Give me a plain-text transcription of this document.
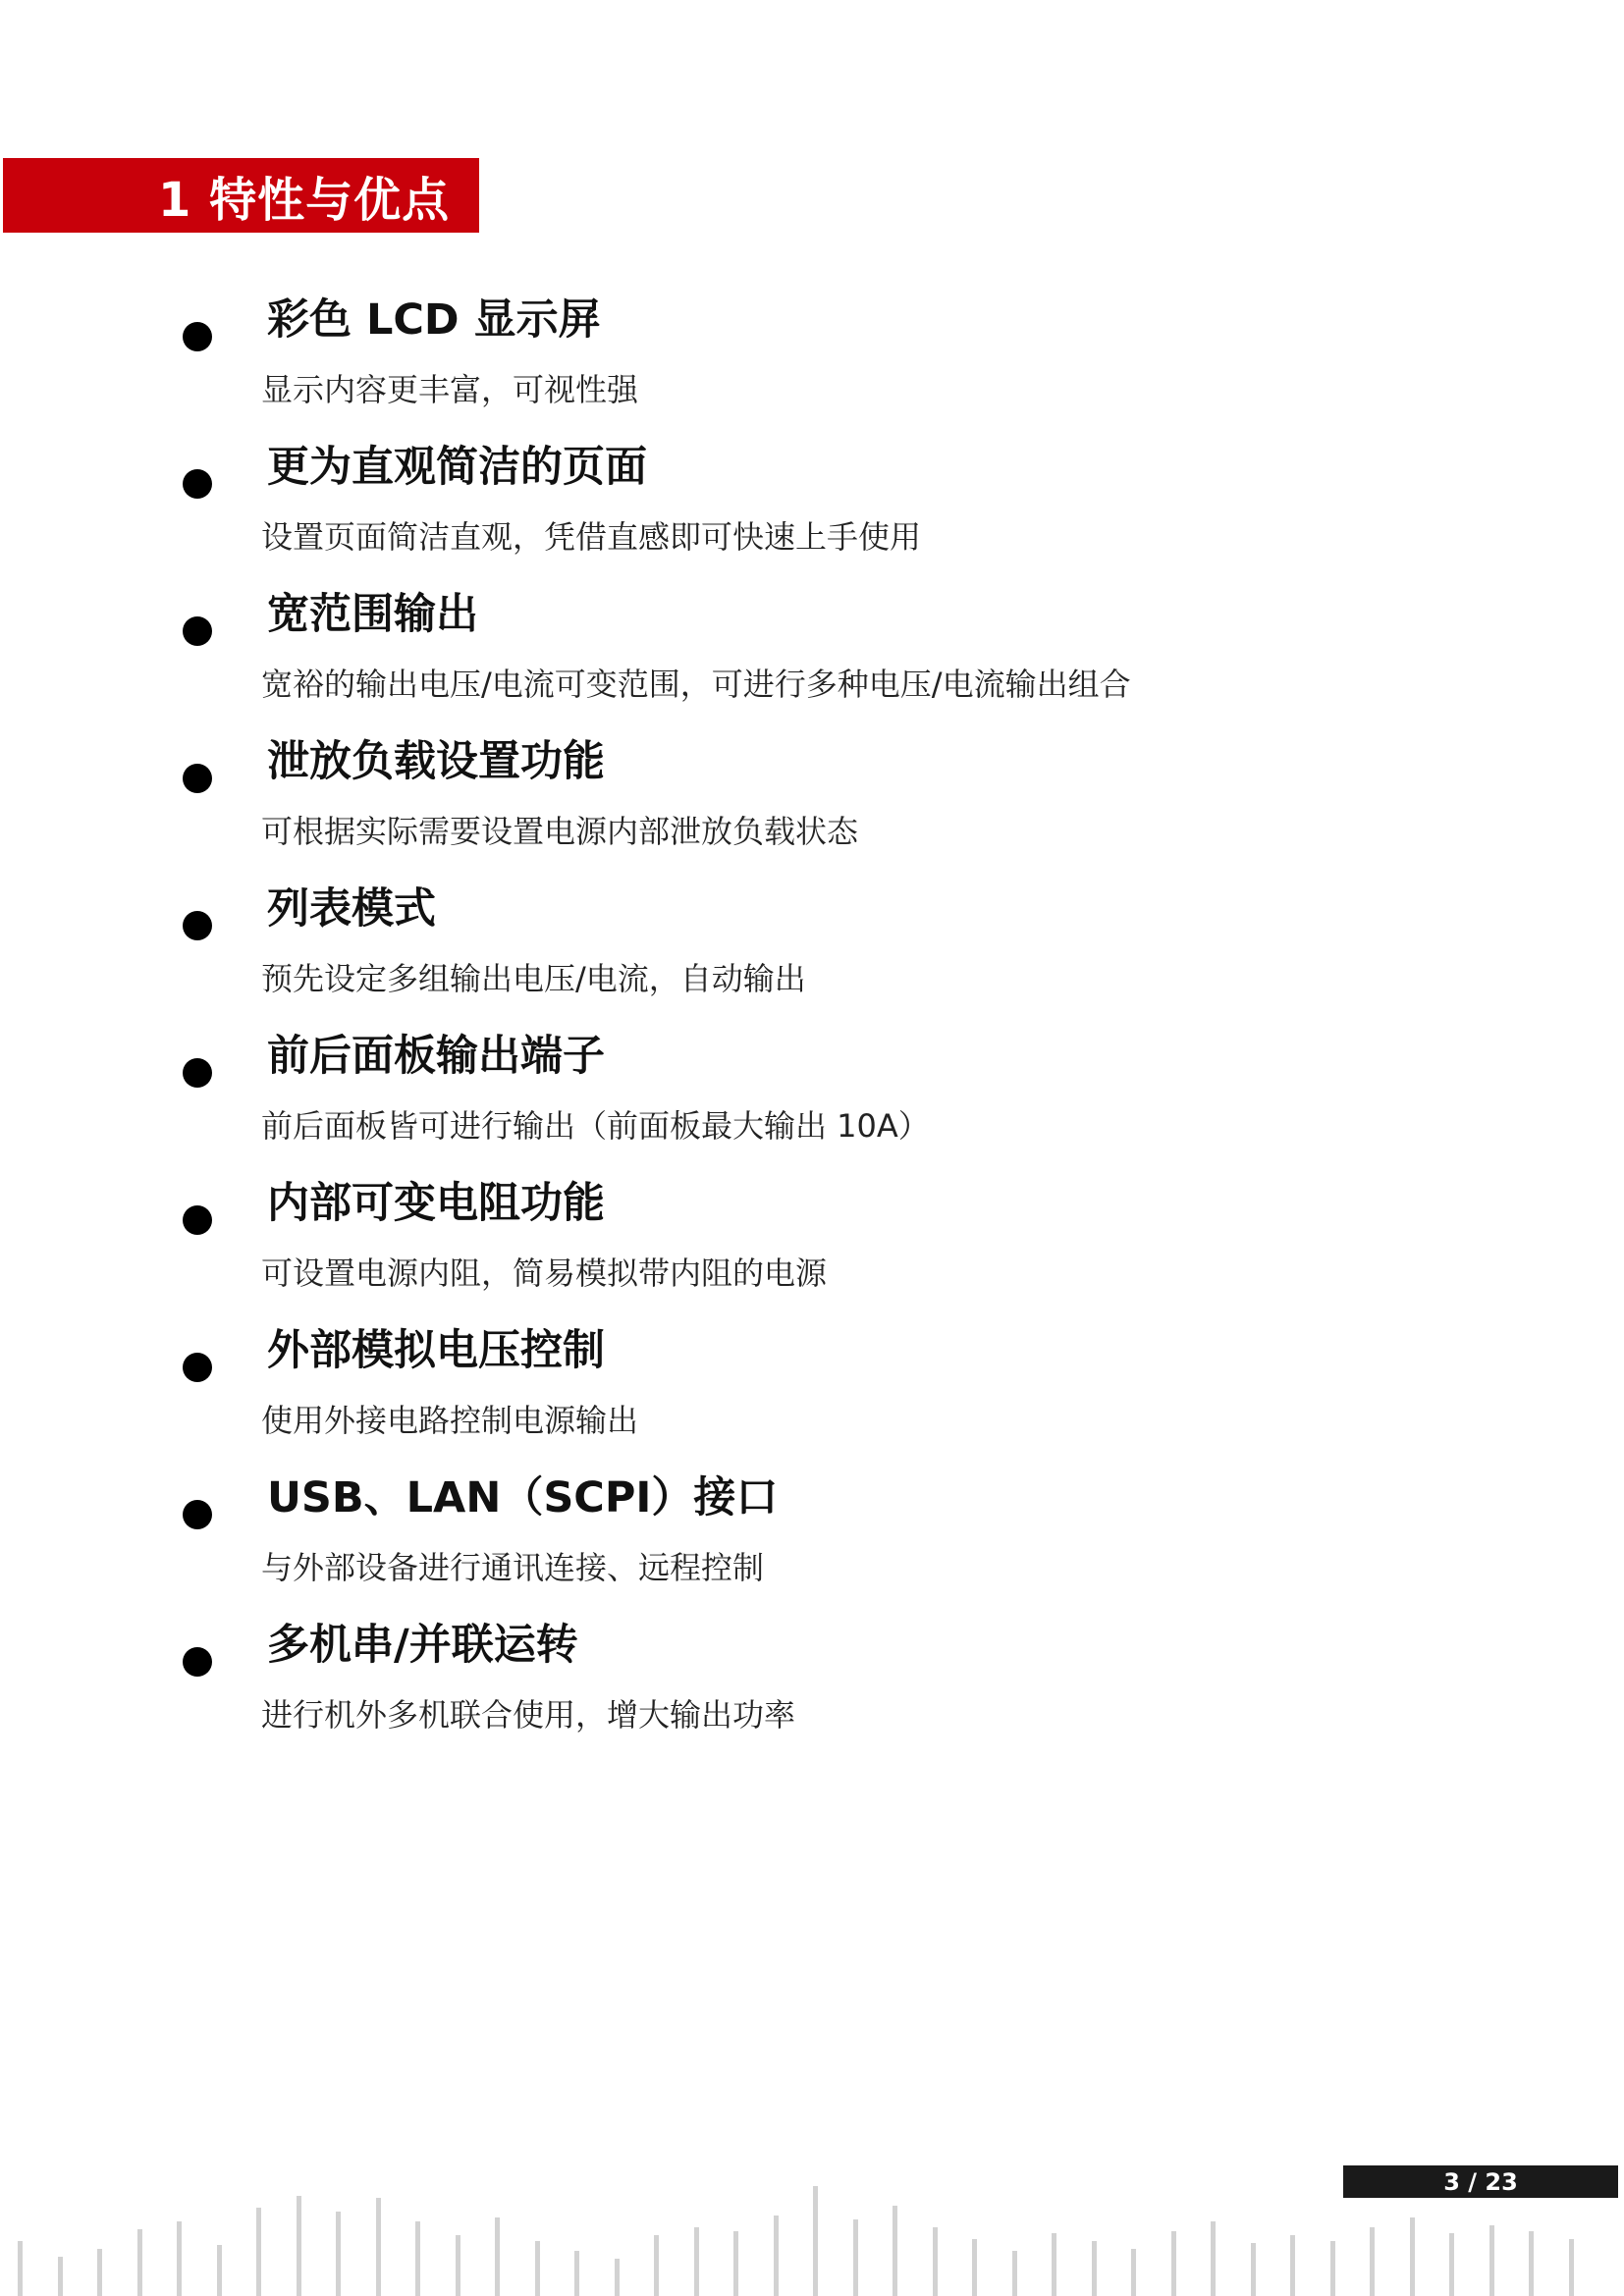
1 特性与优点
彩色 LCD 显示屏
显示内容更丰富，可视性强
更为直观简洁的页面
设置页面简洁直观，凭借直感即可快速上手使用
宽范围输出
宽裕的输出电压/电流可变范围，可进行多种电压/电流输出组合
泄放负载设置功能
可根据实际需要设置电源内部泄放负载状态
列表模式
预先设定多组输出电压/电流，自动输出
前后面板输出端子
前后面板皆可进行输出（前面板最大输出 10A）
内部可变电阻功能
可设置电源内阻，简易模拟带内阻的电源
外部模拟电压控制
使用外接电路控制电源输出
USB、LAN（SCPI）接口
与外部设备进行通讯连接、远程控制
多机串/并联运转
进行机外多机联合使用，增大输出功率
3 / 23
